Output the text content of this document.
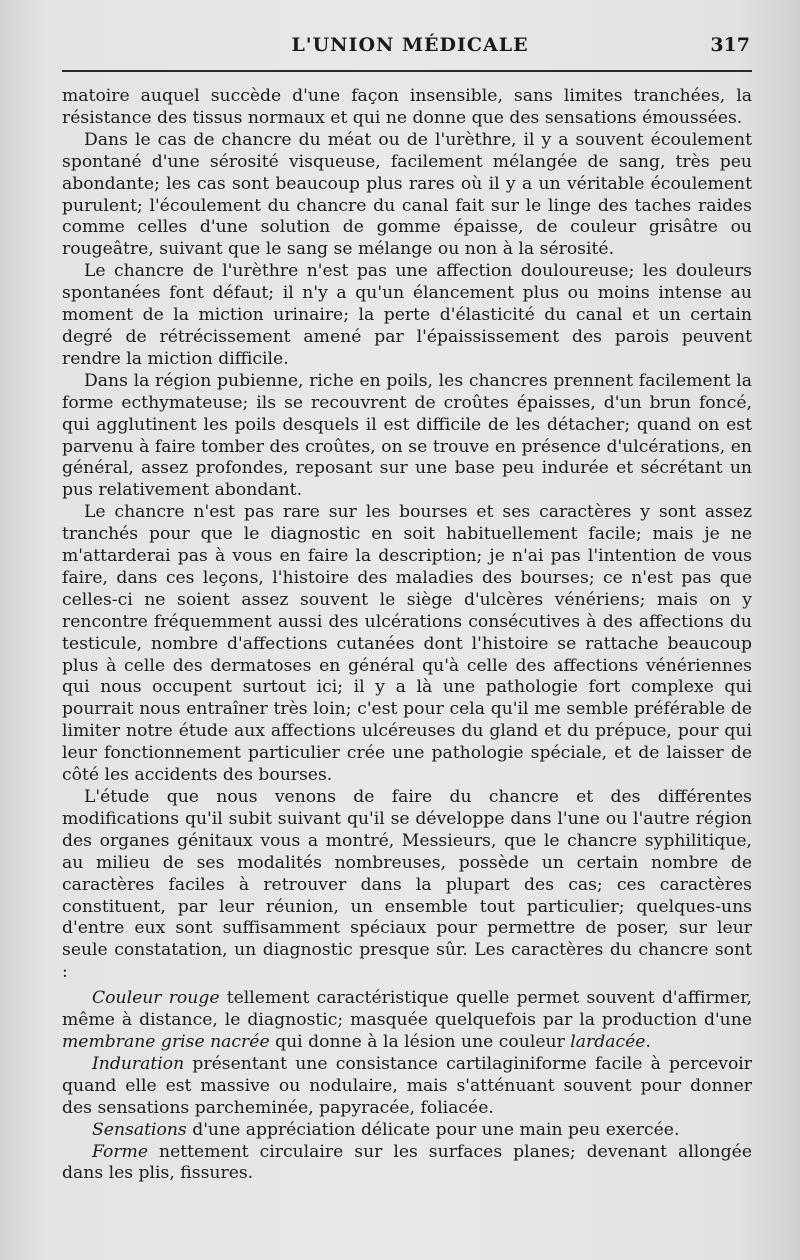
L'UNION MÉDICALE	317

matoire auquel succède d'une façon insensible, sans limites tranchées, la résistance des tissus normaux et qui ne donne que des sensations émoussées.

Dans le cas de chancre du méat ou de l'urèthre, il y a souvent écoulement spontané d'une sérosité visqueuse, facilement mélangée de sang, très peu abondante; les cas sont beaucoup plus rares où il y a un véritable écoulement purulent; l'écoulement du chancre du canal fait sur le linge des taches raides comme celles d'une solution de gomme épaisse, de couleur grisâtre ou rougeâtre, suivant que le sang se mélange ou non à la sérosité.

Le chancre de l'urèthre n'est pas une affection douloureuse; les douleurs spontanées font défaut; il n'y a qu'un élancement plus ou moins intense au moment de la miction urinaire; la perte d'élasticité du canal et un certain degré de rétrécissement amené par l'épaississement des parois peuvent rendre la miction difficile.

Dans la région pubienne, riche en poils, les chancres prennent facilement la forme ecthymateuse; ils se recouvrent de croûtes épaisses, d'un brun foncé, qui agglutinent les poils desquels il est difficile de les détacher; quand on est parvenu à faire tomber des croûtes, on se trouve en présence d'ulcérations, en général, assez profondes, reposant sur une base peu indurée et sécrétant un pus relativement abondant.

Le chancre n'est pas rare sur les bourses et ses caractères y sont assez tranchés pour que le diagnostic en soit habituellement facile; mais je ne m'attarderai pas à vous en faire la description; je n'ai pas l'intention de vous faire, dans ces leçons, l'histoire des maladies des bourses; ce n'est pas que celles-ci ne soient assez souvent le siège d'ulcères vénériens; mais on y rencontre fréquemment aussi des ulcérations consécutives à des affections du testicule, nombre d'affections cutanées dont l'histoire se rattache beaucoup plus à celle des dermatoses en général qu'à celle des affections vénériennes qui nous occupent surtout ici; il y a là une pathologie fort complexe qui pourrait nous entraîner très loin; c'est pour cela qu'il me semble préférable de limiter notre étude aux affections ulcéreuses du gland et du prépuce, pour qui leur fonctionnement particulier crée une pathologie spéciale, et de laisser de côté les accidents des bourses.

L'étude que nous venons de faire du chancre et des différentes modifications qu'il subit suivant qu'il se développe dans l'une ou l'autre région des organes génitaux vous a montré, Messieurs, que le chancre syphilitique, au milieu de ses modalités nombreuses, possède un certain nombre de caractères faciles à retrouver dans la plupart des cas; ces caractères constituent, par leur réunion, un ensemble tout particulier; quelques-uns d'entre eux sont suffisamment spéciaux pour permettre de poser, sur leur seule constatation, un diagnostic presque sûr. Les caractères du chancre sont :

Couleur rouge tellement caractéristique quelle permet souvent d'affirmer, même à distance, le diagnostic; masquée quelquefois par la production d'une membrane grise nacrée qui donne à la lésion une couleur lardacée.

Induration présentant une consistance cartilaginiforme facile à percevoir quand elle est massive ou nodulaire, mais s'atténuant souvent pour donner des sensations parcheminée, papyracée, foliacée.

Sensations d'une appréciation délicate pour une main peu exercée.

Forme nettement circulaire sur les surfaces planes; devenant allongée dans les plis, fissures.
